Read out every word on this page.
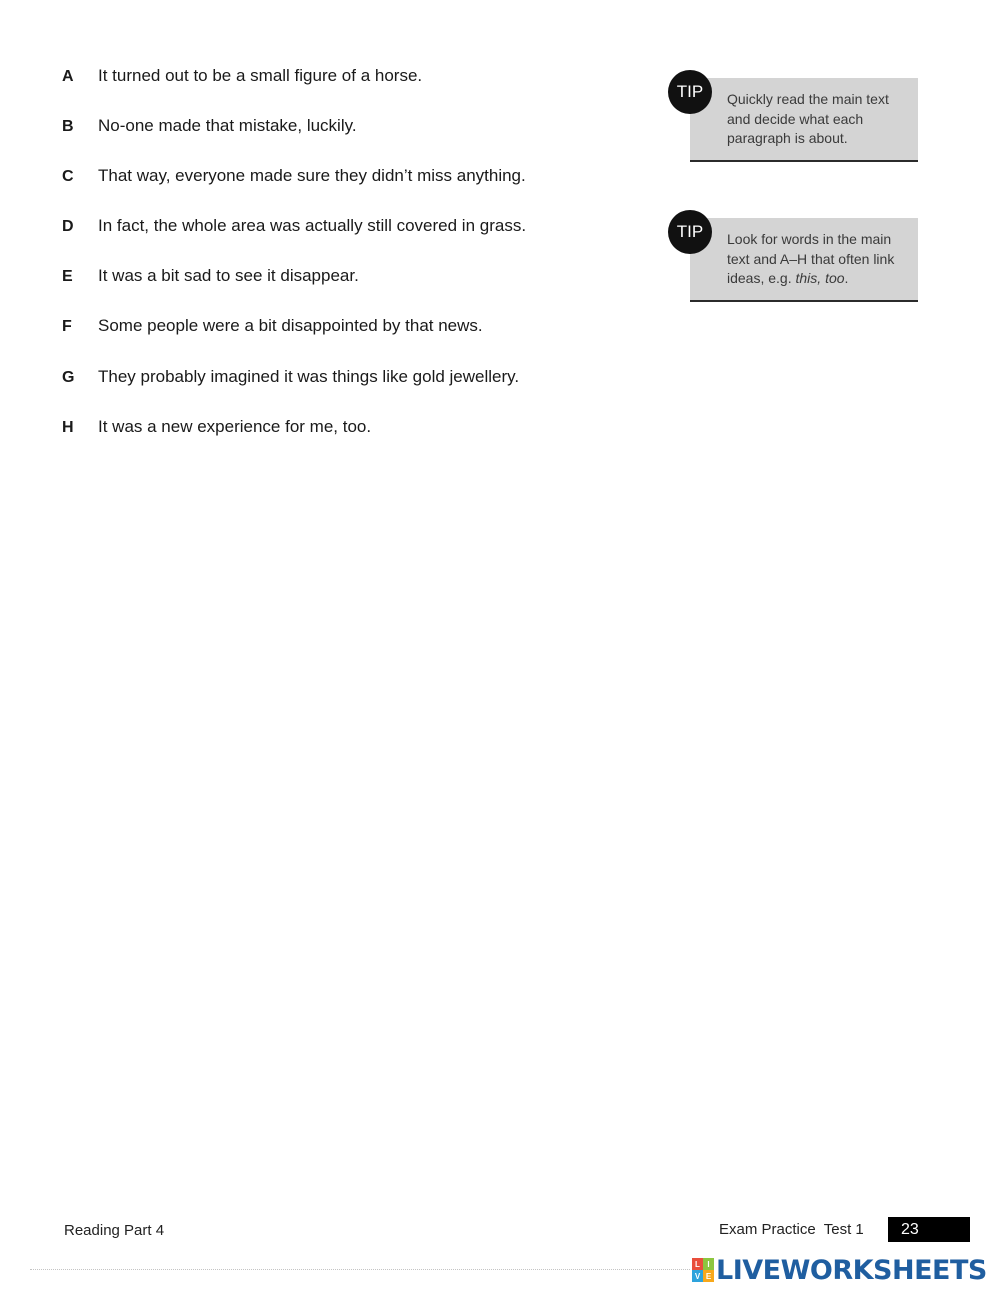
A	It turned out to be a small figure of a horse.
B	No-one made that mistake, luckily.
C	That way, everyone made sure they didn’t miss anything.
D	In fact, the whole area was actually still covered in grass.
E	It was a bit sad to see it disappear.
F	Some people were a bit disappointed by that news.
G	They probably imagined it was things like gold jewellery.
H	It was a new experience for me, too.

Quickly read the main text and decide what each paragraph is about.

TIP

Look for words in the main text and A–H that often link ideas, e.g. this, too.

TIP
Reading Part 4	Exam Practice  Test 1	23
L I
V E LIVEWORKSHEETS
